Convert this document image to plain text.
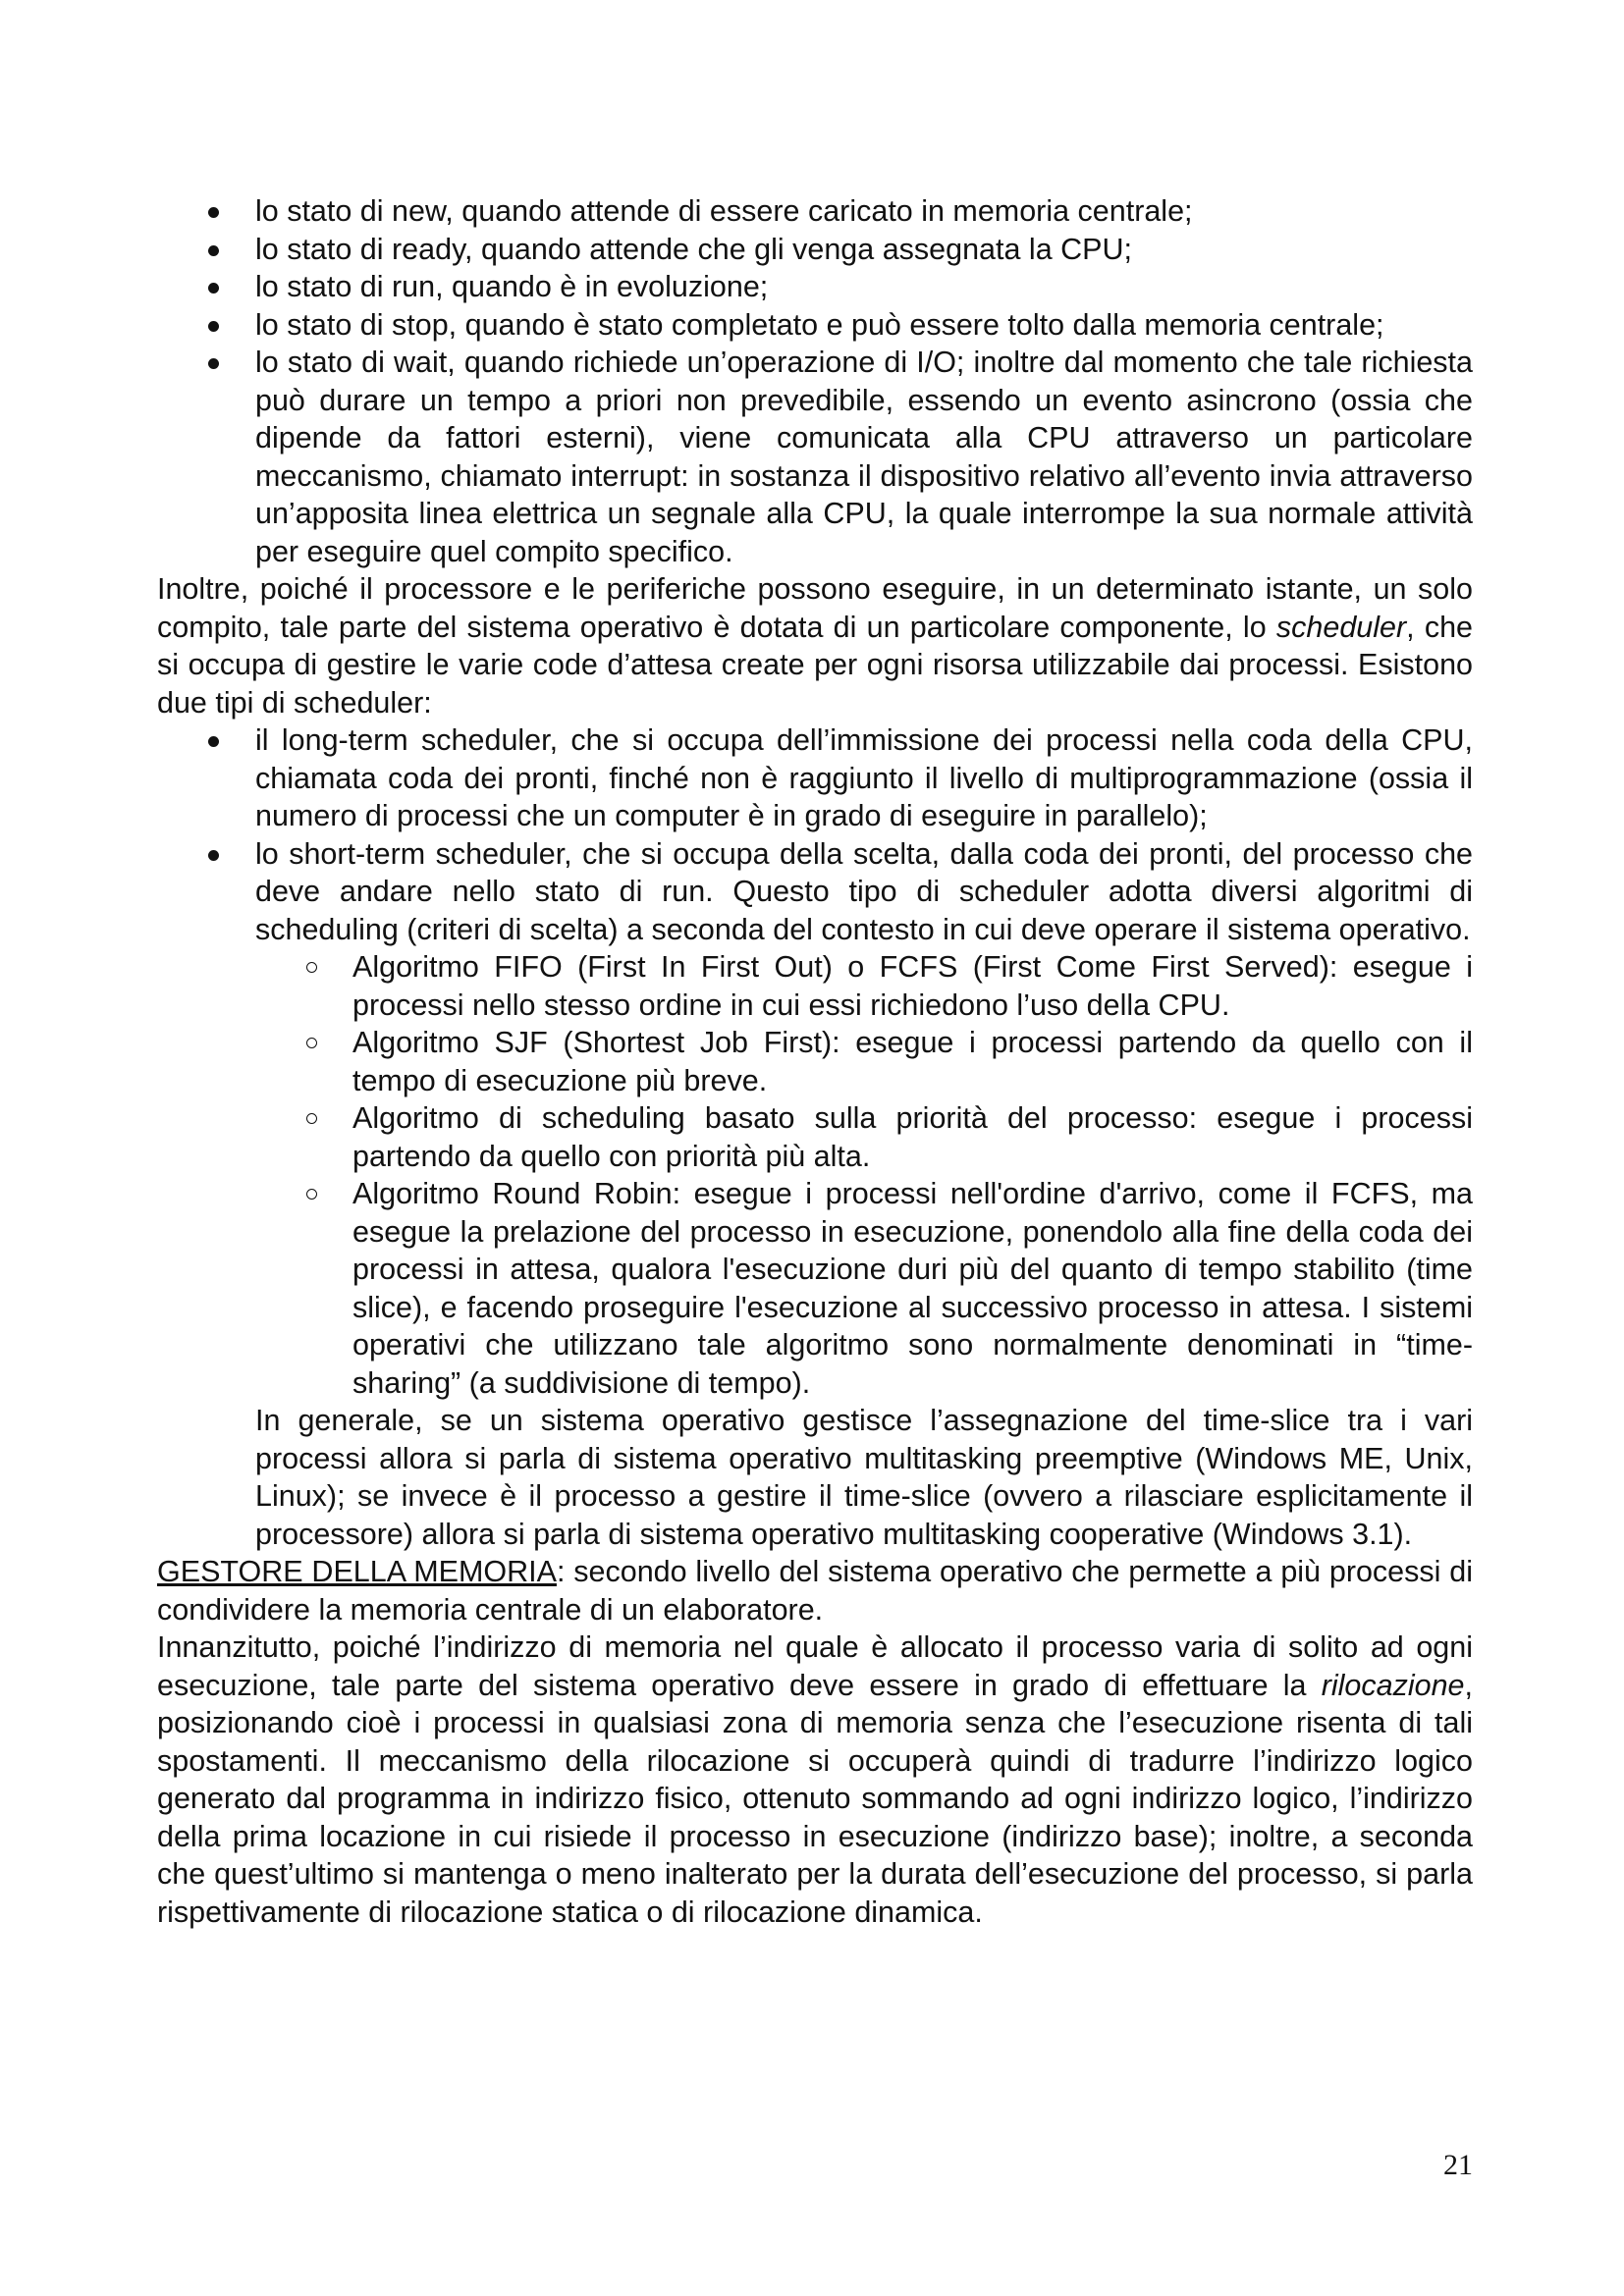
lo stato di new, quando attende di essere caricato in memoria centrale;
lo stato di ready, quando attende che gli venga assegnata la CPU;
lo stato di run, quando è in evoluzione;
lo stato di stop, quando è stato completato e può essere tolto dalla memoria centrale;
lo stato di wait, quando richiede un’operazione di I/O; inoltre dal momento che tale richiesta può durare un tempo a priori non prevedibile, essendo un evento asincrono (ossia che dipende da fattori esterni), viene comunicata alla CPU attraverso un particolare meccanismo, chiamato interrupt: in sostanza il dispositivo relativo all’evento invia attraverso un’apposita linea elettrica un segnale alla CPU, la quale interrompe la sua normale attività per eseguire quel compito specifico.

Inoltre, poiché il processore e le periferiche possono eseguire, in un determinato istante, un solo compito, tale parte del sistema operativo è dotata di un particolare componente, lo scheduler, che si occupa di gestire le varie code d’attesa create per ogni risorsa utilizzabile dai processi. Esistono due tipi di scheduler:

il long-term scheduler, che si occupa dell’immissione dei processi nella coda della CPU, chiamata coda dei pronti, finché non è raggiunto il livello di multiprogrammazione (ossia il numero di processi che un computer è in grado di eseguire in parallelo);
lo short-term scheduler, che si occupa della scelta, dalla coda dei pronti, del processo che deve andare nello stato di run. Questo tipo di scheduler adotta diversi algoritmi di scheduling (criteri di scelta) a seconda del contesto in cui deve operare il sistema operativo.
Algoritmo FIFO (First In First Out) o FCFS (First Come First Served): esegue i processi nello stesso ordine in cui essi richiedono l’uso della CPU.
Algoritmo SJF (Shortest Job First): esegue i processi partendo da quello con il tempo di esecuzione più breve.
Algoritmo di scheduling basato sulla priorità del processo: esegue i processi partendo da quello con priorità più alta.
Algoritmo Round Robin: esegue i processi nell'ordine d'arrivo, come il FCFS, ma esegue la prelazione del processo in esecuzione, ponendolo alla fine della coda dei processi in attesa, qualora l'esecuzione duri più del quanto di tempo stabilito (time slice), e facendo proseguire l'esecuzione al successivo processo in attesa. I sistemi operativi che utilizzano tale algoritmo sono normalmente denominati in “time-sharing” (a suddivisione di tempo).

In generale, se un sistema operativo gestisce l’assegnazione del time-slice tra i vari processi allora si parla di sistema operativo multitasking preemptive (Windows ME, Unix, Linux); se invece è il processo a gestire il time-slice (ovvero a rilasciare esplicitamente il processore) allora si parla di sistema operativo multitasking cooperative (Windows 3.1).

GESTORE DELLA MEMORIA: secondo livello del sistema operativo che permette a più processi di condividere la memoria centrale di un elaboratore.

Innanzitutto, poiché l’indirizzo di memoria nel quale è allocato il processo varia di solito ad ogni esecuzione, tale parte del sistema operativo deve essere in grado di effettuare la rilocazione, posizionando cioè i processi in qualsiasi zona di memoria senza che l’esecuzione risenta di tali spostamenti. Il meccanismo della rilocazione si occuperà quindi di tradurre l’indirizzo logico generato dal programma in indirizzo fisico, ottenuto sommando ad ogni indirizzo logico, l’indirizzo della prima locazione in cui risiede il processo in esecuzione (indirizzo base); inoltre, a seconda che quest’ultimo si mantenga o meno inalterato per la durata dell’esecuzione del processo, si parla rispettivamente di rilocazione statica o di rilocazione dinamica.

21
